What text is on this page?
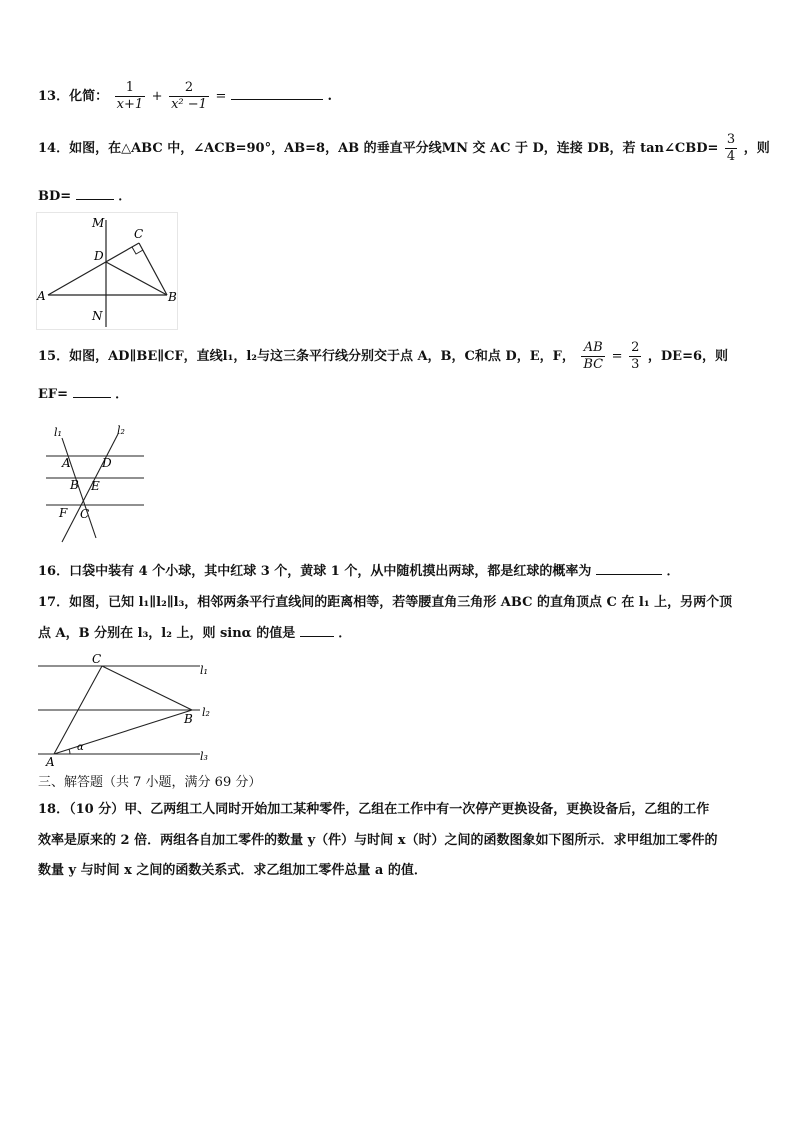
13．化简： $\frac{1}{x+1} + \frac{2}{\text{x² −1}}$ =	.
14．如图，在△ABC 中，∠ACB=90°，AB=8，AB 的垂直平分线MN 交 AC 于 D，连接 DB，若 tan∠CBD= $\frac{3}{4}$ ，则
BD=	．
M
C
D
A	B
N
15．如图，AD∥BE∥CF，直线l₁，l₂与这三条平行线分别交于点 A，B，C和点 D，E，F， $\frac{AB}{BC} = \frac{2}{3}$ ，DE=6，则
EF=	．
l₁	l₂
A	D
B E
F C
16．口袋中装有 4 个小球，其中红球 3 个，黄球 1 个，从中随机摸出两球，都是红球的概率为	．
17．如图，已知 l₁∥l₂∥l₃，相邻两条平行直线间的距离相等，若等腰直角三角形 ABC 的直角顶点 C 在 l₁ 上，另两个顶
点 A，B 分别在 l₃，l₂ 上，则 sinα 的值是	．
C
l₁
B l₂
A
α
l₃
三、解答题（共 7 小题，满分 69 分）
18．（10 分）甲、乙两组工人同时开始加工某种零件，乙组在工作中有一次停产更换设备，更换设备后，乙组的工作
效率是原来的 2 倍．两组各自加工零件的数量 y（件）与时间 x（时）之间的函数图象如下图所示．求甲组加工零件的
数量 y 与时间 x 之间的函数关系式．求乙组加工零件总量 a 的值．
